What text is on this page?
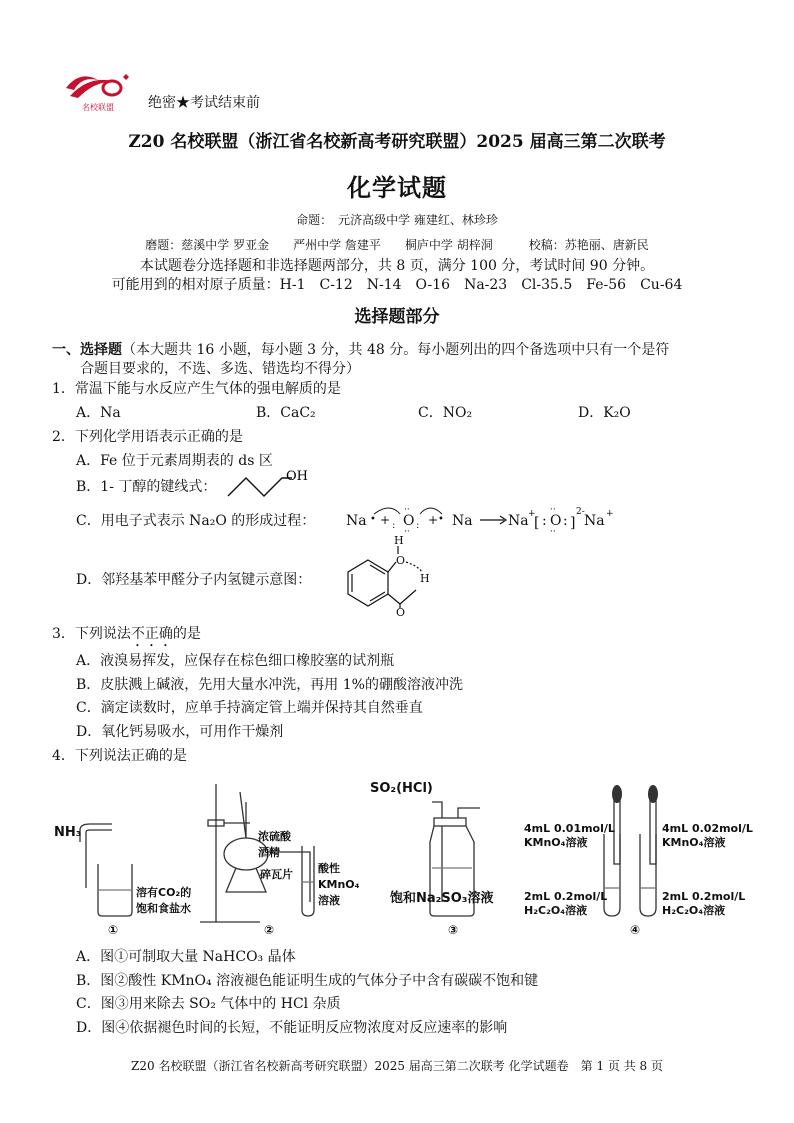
名校联盟 绝密★考试结束前
Z20 名校联盟（浙江省名校新高考研究联盟）2025 届高三第二次联考
化学试题
命题：　元济高级中学 雍建红、林珍珍
磨题：慈溪中学 罗亚金　　严州中学 詹建平　　桐庐中学 胡梓洞　　　校稿：苏艳丽、唐新民
本试题卷分选择题和非选择题两部分，共 8 页，满分 100 分，考试时间 90 分钟。
可能用到的相对原子质量：H-1　C-12　N-14　O-16　Na-23　Cl-35.5　Fe-56　Cu-64
选择题部分
一、选择题（本大题共 16 小题，每小题 3 分，共 48 分。每小题列出的四个备选项中只有一个是符
合题目要求的，不选、多选、错选均不得分）
1．常温下能与水反应产生气体的强电解质的是
A．Na	B．CaC₂	C．NO₂	D．K₂O
2．下列化学用语表示正确的是
A．Fe 位于元素周期表的 ds 区
B．1- 丁醇的键线式：
OH
C．用电子式表示 Na₂O 的形成过程： Na • + O
: :
··
··
+ • Na	Na +
[ : O :
··
··
]
2-
Na +
D．邻羟基苯甲醛分子内氢键示意图：
H
O
H
O
3．下列说法不正确的是
A．液溴易挥发，应保存在棕色细口橡胶塞的试剂瓶
B．皮肤溅上碱液，先用大量水冲洗，再用 1%的硼酸溶液冲洗
C．滴定读数时，应单手持滴定管上端并保持其自然垂直
D．氧化钙易吸水，可用作干燥剂
4．下列说法正确的是
NH₃
溶有CO₂的
饱和食盐水
①
浓硫酸
酒精
碎瓦片 酸性
KMnO₄
溶液
②
SO₂(HCl)
饱和Na₂SO₃溶液
③
4mL 0.01mol/L
KMnO₄溶液
4mL 0.02mol/L
KMnO₄溶液
2mL 0.2mol/L
H₂C₂O₄溶液
2mL 0.2mol/L
H₂C₂O₄溶液
④
A．图①可制取大量 NaHCO₃ 晶体
B．图②酸性 KMnO₄ 溶液褪色能证明生成的气体分子中含有碳碳不饱和键
C．图③用来除去 SO₂ 气体中的 HCl 杂质
D．图④依据褪色时间的长短，不能证明反应物浓度对反应速率的影响
Z20 名校联盟（浙江省名校新高考研究联盟）2025 届高三第二次联考 化学试题卷　第 1 页 共 8 页
